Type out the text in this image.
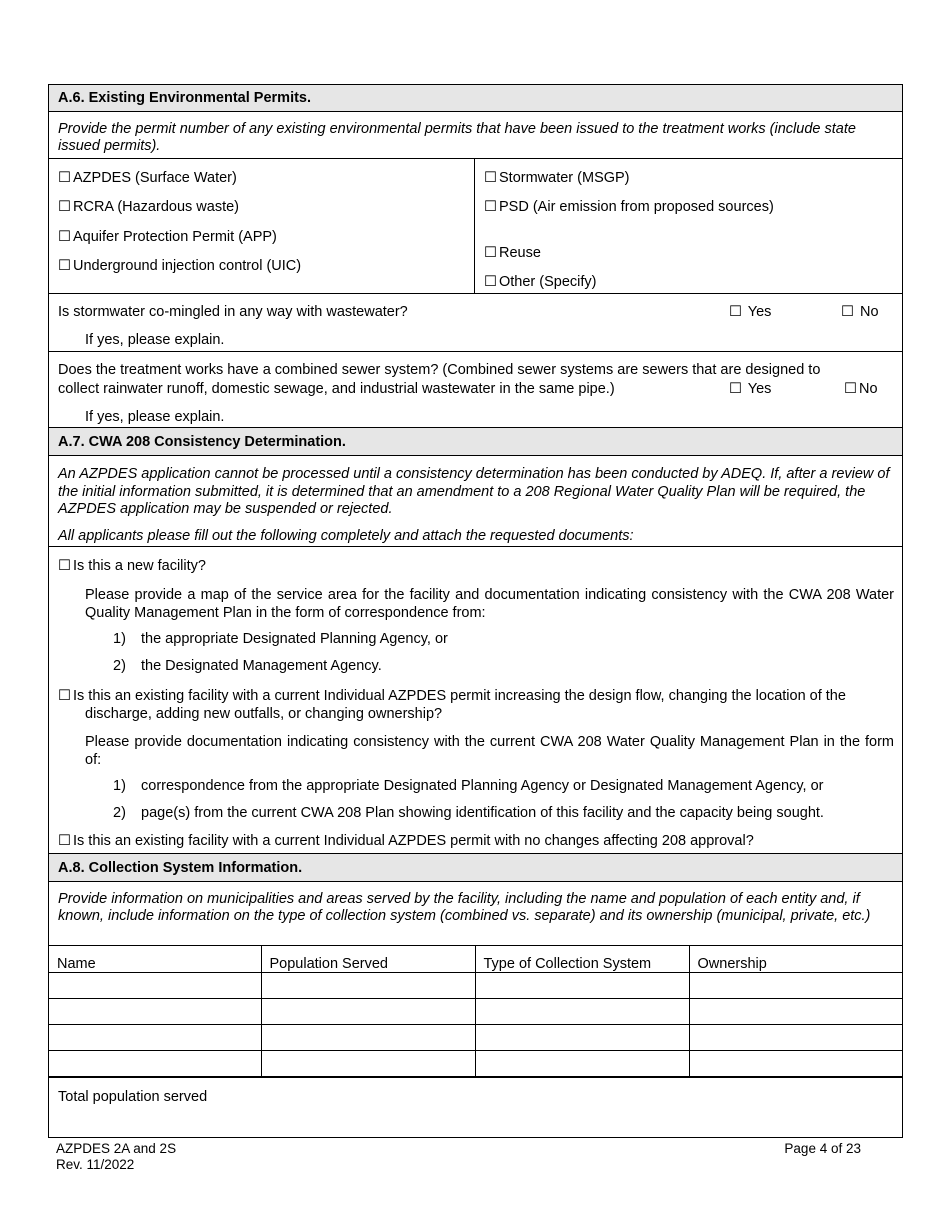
A.6. Existing Environmental Permits.
Provide the permit number of any existing environmental permits that have been issued to the treatment works (include state issued permits).
☐ AZPDES (Surface Water)
☐ RCRA (Hazardous waste)
☐ Aquifer Protection Permit (APP)
☐ Underground injection control (UIC)
☐ Stormwater (MSGP)
☐ PSD (Air emission from proposed sources)
☐ Reuse
☐ Other (Specify)
Is stormwater co-mingled in any way with wastewater?	☐ Yes	☐ No
If yes, please explain.
Does the treatment works have a combined sewer system? (Combined sewer systems are sewers that are designed to
collect rainwater runoff, domestic sewage, and industrial wastewater in the same pipe.)	☐ Yes	☐ No
If yes, please explain.
A.7. CWA 208 Consistency Determination.
An AZPDES application cannot be processed until a consistency determination has been conducted by ADEQ. If, after a review of the initial information submitted, it is determined that an amendment to a 208 Regional Water Quality Plan will be required, the AZPDES application may be suspended or rejected.
All applicants please fill out the following completely and attach the requested documents:
☐ Is this a new facility?
Please provide a map of the service area for the facility and documentation indicating consistency with the CWA 208 Water Quality Management Plan in the form of correspondence from:
1) the appropriate Designated Planning Agency, or
2) the Designated Management Agency.
☐ Is this an existing facility with a current Individual AZPDES permit increasing the design flow, changing the location of the discharge, adding new outfalls, or changing ownership?
Please provide documentation indicating consistency with the current CWA 208 Water Quality Management Plan in the form of:
1) correspondence from the appropriate Designated Planning Agency or Designated Management Agency, or
2) page(s) from the current CWA 208 Plan showing identification of this facility and the capacity being sought.
☐ Is this an existing facility with a current Individual AZPDES permit with no changes affecting 208 approval?
A.8. Collection System Information.
Provide information on municipalities and areas served by the facility, including the name and population of each entity and, if known, include information on the type of collection system (combined vs. separate) and its ownership (municipal, private, etc.)
Name	Population Served	Type of Collection System	Ownership

Total population served
AZPDES 2A and 2S
Rev. 11/2022
Page 4 of 23
